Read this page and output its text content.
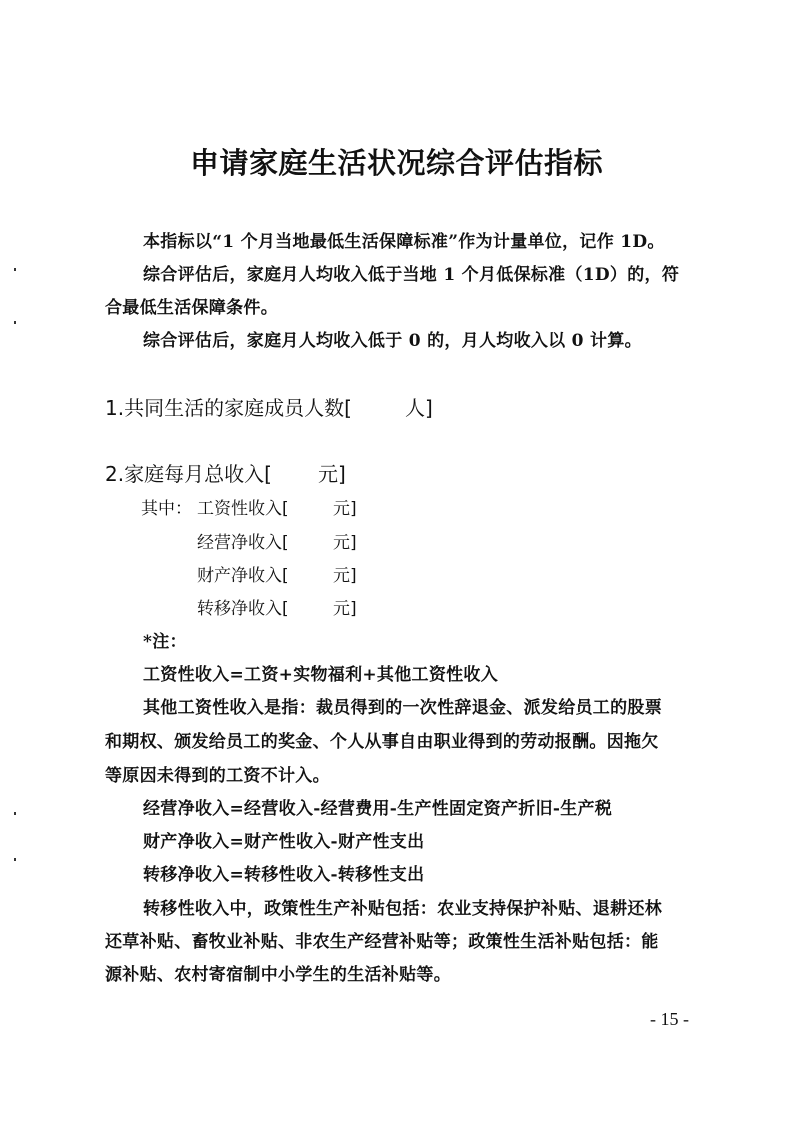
申请家庭生活状况综合评估指标
本指标以“1 个月当地最低生活保障标准”作为计量单位，记作 1D。
综合评估后，家庭月人均收入低于当地 1 个月低保标准（1D）的，符
合最低生活保障条件。
综合评估后，家庭月人均收入低于 0 的，月人均收入以 0 计算。
1.共同生活的家庭成员人数[	人]
2.家庭每月总收入[ 元]
其中： 工资性收入[	元]
经营净收入[	元]
财产净收入[	元]
转移净收入[	元]
*注：
工资性收入=工资+实物福利+其他工资性收入
其他工资性收入是指：裁员得到的一次性辞退金、派发给员工的股票
和期权、颁发给员工的奖金、个人从事自由职业得到的劳动报酬。因拖欠
等原因未得到的工资不计入。
经营净收入=经营收入-经营费用-生产性固定资产折旧-生产税
财产净收入=财产性收入-财产性支出
转移净收入=转移性收入-转移性支出
转移性收入中，政策性生产补贴包括：农业支持保护补贴、退耕还林
还草补贴、畜牧业补贴、非农生产经营补贴等；政策性生活补贴包括：能
源补贴、农村寄宿制中小学生的生活补贴等。
- 15 -
